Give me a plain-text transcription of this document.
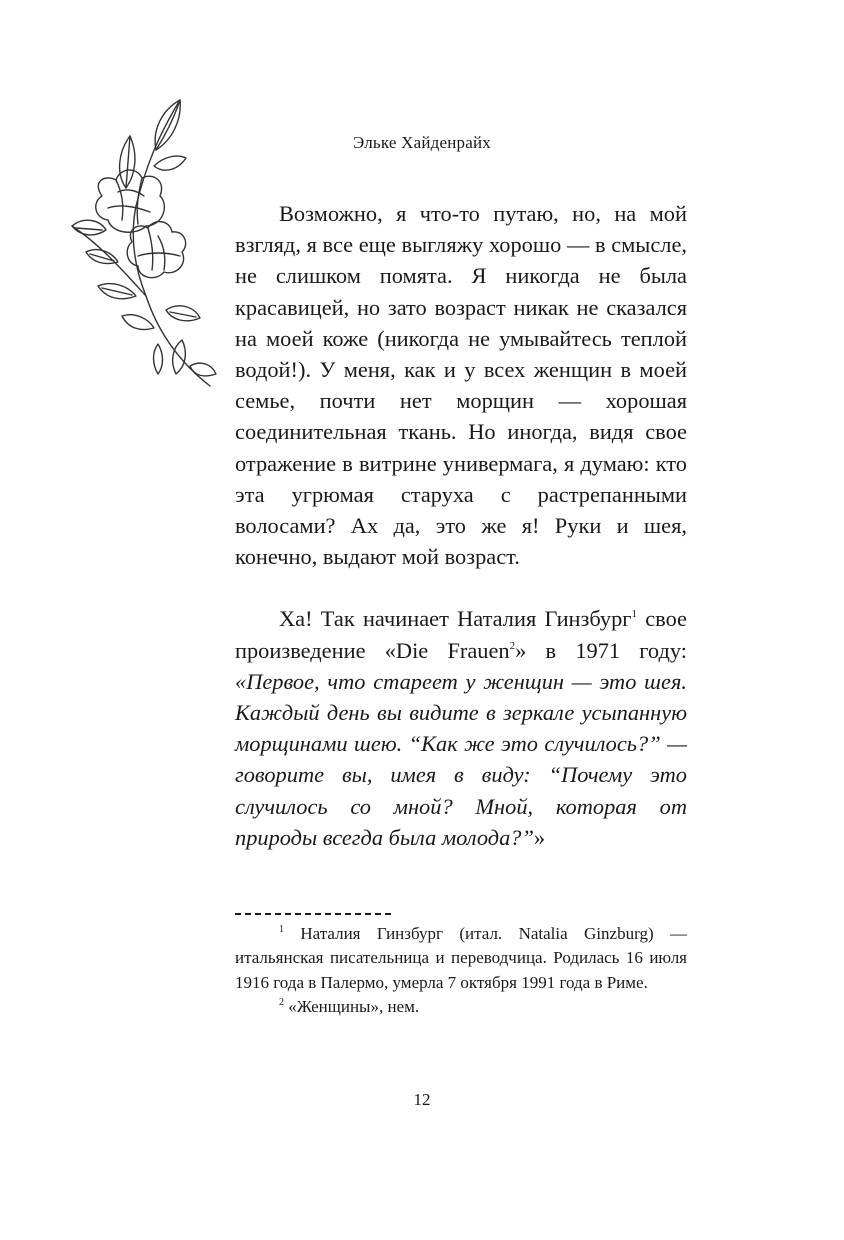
Эльке Хайденрайх

Возможно, я что-то путаю, но, на мой взгляд, я все еще выгляжу хорошо — в смысле, не слишком помята. Я никогда не была красавицей, но зато возраст никак не сказался на моей коже (никогда не умывайтесь теплой водой!). У меня, как и у всех женщин в моей семье, почти нет морщин — хорошая соединительная ткань. Но иногда, видя свое отражение в витрине универмага, я думаю: кто эта угрюмая старуха с растрепанными волосами? Ах да, это же я! Руки и шея, конечно, выдают мой возраст.

Ха! Так начинает Наталия Гинзбург$^1$ свое произведение «Die Frauen$^2$» в 1971 году: «Первое, что стареет у женщин — это шея. Каждый день вы видите в зеркале усыпанную морщинами шею. “Как же это случилось?” — говорите вы, имея в виду: “Почему это случилось со мной? Мной, которая от природы всегда была молода?”»

$^1$ Наталия Гинзбург (итал. Natalia Ginzburg) — итальянская писательница и переводчица. Родилась 16 июля 1916 года в Палермо, умерла 7 октября 1991 года в Риме.

$^2$ «Женщины», нем.

12
